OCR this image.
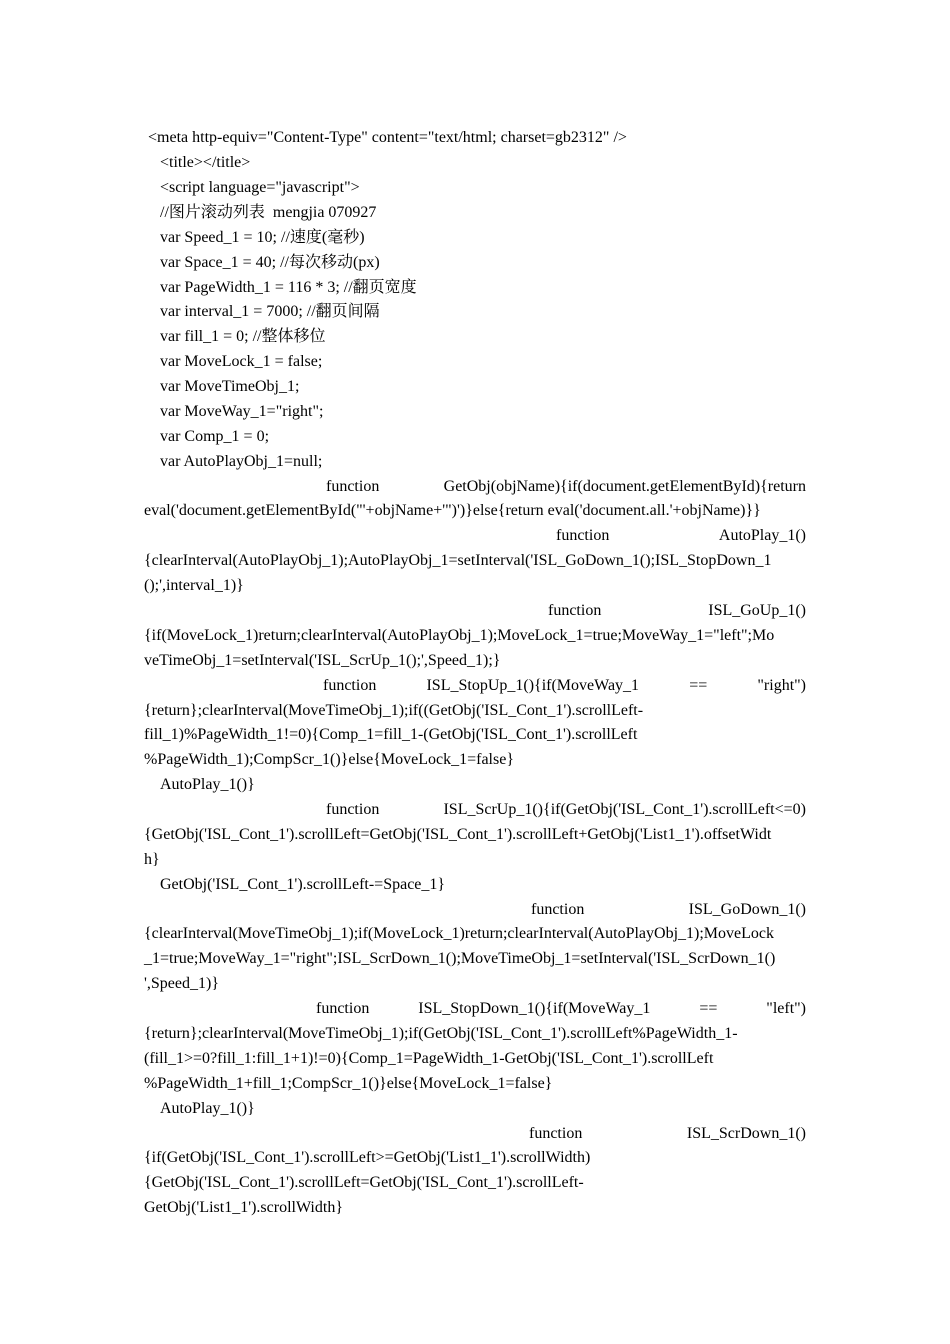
<meta http-equiv="Content-Type" content="text/html; charset=gb2312" />
<title></title>
<script language="javascript">
//图片滚动列表  mengjia 070927
var Speed_1 = 10; //速度(毫秒)
var Space_1 = 40; //每次移动(px)
var PageWidth_1 = 116 * 3; //翻页宽度
var interval_1 = 7000; //翻页间隔
var fill_1 = 0; //整体移位
var MoveLock_1 = false;
var MoveTimeObj_1;
var MoveWay_1="right";
var Comp_1 = 0;
var AutoPlayObj_1=null;
function	GetObj(objName){if(document.getElementById){return
eval('document.getElementById("'+objName+'")')}else{return eval('document.all.'+objName)}}
function	AutoPlay_1()
{clearInterval(AutoPlayObj_1);AutoPlayObj_1=setInterval('ISL_GoDown_1();ISL_StopDown_1
();',interval_1)}
function	ISL_GoUp_1()
{if(MoveLock_1)return;clearInterval(AutoPlayObj_1);MoveLock_1=true;MoveWay_1="left";Mo
veTimeObj_1=setInterval('ISL_ScrUp_1();',Speed_1);}
function	ISL_StopUp_1(){if(MoveWay_1	==	"right")
{return};clearInterval(MoveTimeObj_1);if((GetObj('ISL_Cont_1').scrollLeft-
fill_1)%PageWidth_1!=0){Comp_1=fill_1-(GetObj('ISL_Cont_1').scrollLeft
%PageWidth_1);CompScr_1()}else{MoveLock_1=false}
AutoPlay_1()}
function	ISL_ScrUp_1(){if(GetObj('ISL_Cont_1').scrollLeft<=0)
{GetObj('ISL_Cont_1').scrollLeft=GetObj('ISL_Cont_1').scrollLeft+GetObj('List1_1').offsetWidt
h}
GetObj('ISL_Cont_1').scrollLeft-=Space_1}
function	ISL_GoDown_1()
{clearInterval(MoveTimeObj_1);if(MoveLock_1)return;clearInterval(AutoPlayObj_1);MoveLock
_1=true;MoveWay_1="right";ISL_ScrDown_1();MoveTimeObj_1=setInterval('ISL_ScrDown_1()
',Speed_1)}
function	ISL_StopDown_1(){if(MoveWay_1	==	"left")
{return};clearInterval(MoveTimeObj_1);if(GetObj('ISL_Cont_1').scrollLeft%PageWidth_1-
(fill_1>=0?fill_1:fill_1+1)!=0){Comp_1=PageWidth_1-GetObj('ISL_Cont_1').scrollLeft
%PageWidth_1+fill_1;CompScr_1()}else{MoveLock_1=false}
AutoPlay_1()}
function	ISL_ScrDown_1()
{if(GetObj('ISL_Cont_1').scrollLeft>=GetObj('List1_1').scrollWidth)
{GetObj('ISL_Cont_1').scrollLeft=GetObj('ISL_Cont_1').scrollLeft-
GetObj('List1_1').scrollWidth}
